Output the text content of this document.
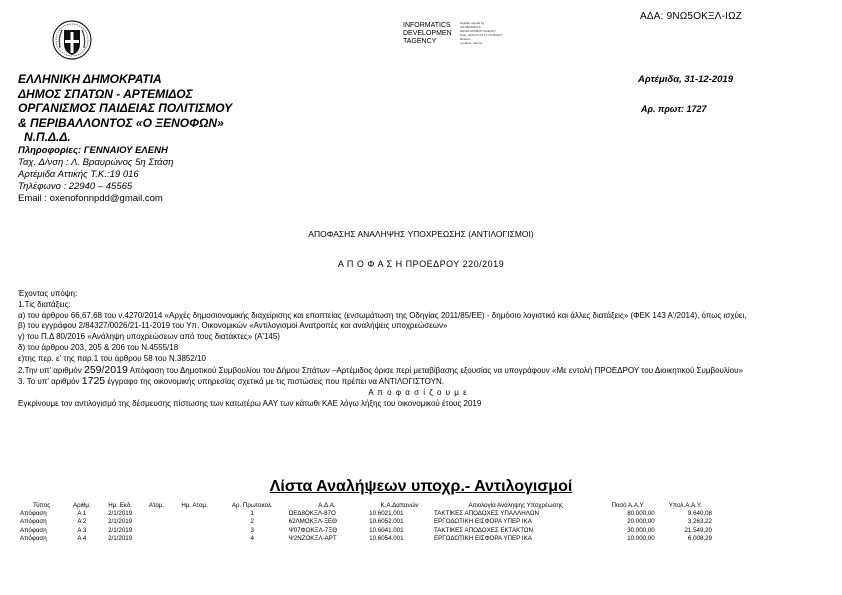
ΑΔΑ: 9ΝΩ5ΟΚΞΛ-ΙΩΖ
INFORMATICS
DEVELOPMEN
TAGENCY
Digitally signed by
INFORMATICS
DEVELOPMENT AGENCY
Date: 2020.01.03 17:19:38 EET
Reason:
Location: Athens
ΕΛΛΗΝΙΚΗ ΔΗΜΟΚΡΑΤΙΑ
ΔΗΜΟΣ ΣΠΑΤΩΝ - ΑΡΤΕΜΙΔΟΣ
ΟΡΓΑΝΙΣΜΟΣ ΠΑΙΔΕΙΑΣ ΠΟΛΙΤΙΣΜΟΥ
& ΠΕΡΙΒΑΛΛΟΝΤΟΣ «Ο ΞΕΝΟΦΩΝ»
Ν.Π.Δ.Δ.
Πληροφορίες: ΓΕΝΝΑΙΟΥ ΕΛΕΝΗ
Ταχ. Δ/νση : Λ. Βραυρώνος 5η Στάση
Αρτέμιδα Αττικής Τ.Κ.:19 016
Τηλέφωνο : 22940 – 45565
Email : oxenofonnpdd@gmail.com
Αρτέμιδα, 31-12-2019
Αρ. πρωτ: 1727
ΑΠΟΦΑΣΗΣ ΑΝΑΛΗΨΗΣ ΥΠΟΧΡΕΩΣΗΣ (ΑΝΤΙΛΟΓΙΣΜΟΙ)
Α Π Ο Φ Α Σ Η ΠΡΟΕΔΡΟΥ 220/2019
Έχοντας υπόψη:
1.Τις διατάξεις:
α) του άρθρου 66,67,68 του ν.4270/2014 «Αρχές δημοσιονομικής διαχείρισης και εποπτείας (ενσωμάτωση της Οδηγίας 2011/85/ΕΕ) - δημόσιο λογιστικό και άλλες διατάξεις» (ΦΕΚ 143 Α'/2014), όπως ισχύει,
β) του εγγράφου 2/84327/0026/21-11-2019 του Υπ. Οικονομικών «Αντιλογισμοί Ανατροπές και αναλήψεις υποχρεώσεων»
γ) του Π.Δ 80/2016 «Ανάληψη υποχρεώσεων από τους διατάκτες» (Α'145)
δ) του άρθρου 203, 205 & 206 του Ν.4555/18
ε)της περ. ε' της παρ.1 του άρθρου 58 του Ν.3852/10
2.Την υπ' αριθμόν 259/2019 Απόφαση του Δημοτικού Συμβουλίου του Δήμου Σπάτων –Αρτέμιδος όρισε περί μεταβίβασης εξουσίας να υπογράφουν «Με εντολή ΠΡΟΕΔΡΟΥ του Διοικητικού Συμβουλίου»
3. Το υπ' αριθμόν 1725 έγγραφο της οικονομικής υπηρεσίας σχετικά με τις πιστώσεις που πρέπει να ΑΝΤΙΛΟΓΙΣΤΟΥΝ.
Α π ο φ α σ ί ζ ο υ μ ε
Εγκρίνουμε τον αντιλογισμό της δέσμευσης πίστωσης των κατωτέρω ΑΑΥ των κάτωθι ΚΑΕ λόγω λήξης του οικονομικού έτους 2019
Λίστα Αναλήψεων υποχρ.- Αντιλογισμοί
Τύπος	Αριθμ.	Ημ. Εκδ.	Ατομ.	Ημ. Ατομ.	Αρ. Πρωτοκολ.	Α.Δ.Α.	Κ.Α.Δαπανών	Αιτιολογία Ανάληψης Υποχρέωσης	Ποσό Α.Α.Υ.	Υπολ.Α.Α.Υ.
Απόφαση	Α 1	2/1/2019			1	ΩΕΔ8ΟΚΞΛ-87Ο	10.6021.001	ΤΑΚΤΙΚΕΣ ΑΠΟΔΟΧΕΣ ΥΠΑΛΛΗΛΩΝ	80.000,00	9.640,08
Απόφαση	Α 2	2/1/2019			2	62ΛΜΟΚΞΛ-ΞΕΘ	10.6052.001	ΕΡΓΟΔΟΤΙΚΗ ΕΙΣΦΟΡΑ ΥΠΕΡ ΙΚΑ	20.000,00	3.263,22
Απόφαση	Α 3	2/1/2019			3	Ψ07ΦΟΚΞΛ-7ΞΘ	10.6041.001	ΤΑΚΤΙΚΕΣ ΑΠΟΔΟΧΕΣ ΕΚΤΑΚΤΩΝ	30.000,00	21.549,20
Απόφαση	Α 4	2/1/2019			4	Ψ2ΝΖΟΚΞΛ-ΑΡΤ	10.6054.001	ΕΡΓΟΔΟΤΙΚΗ ΕΙΣΦΟΡΑ ΥΠΕΡ ΙΚΑ	10.000,00	6.008,29
